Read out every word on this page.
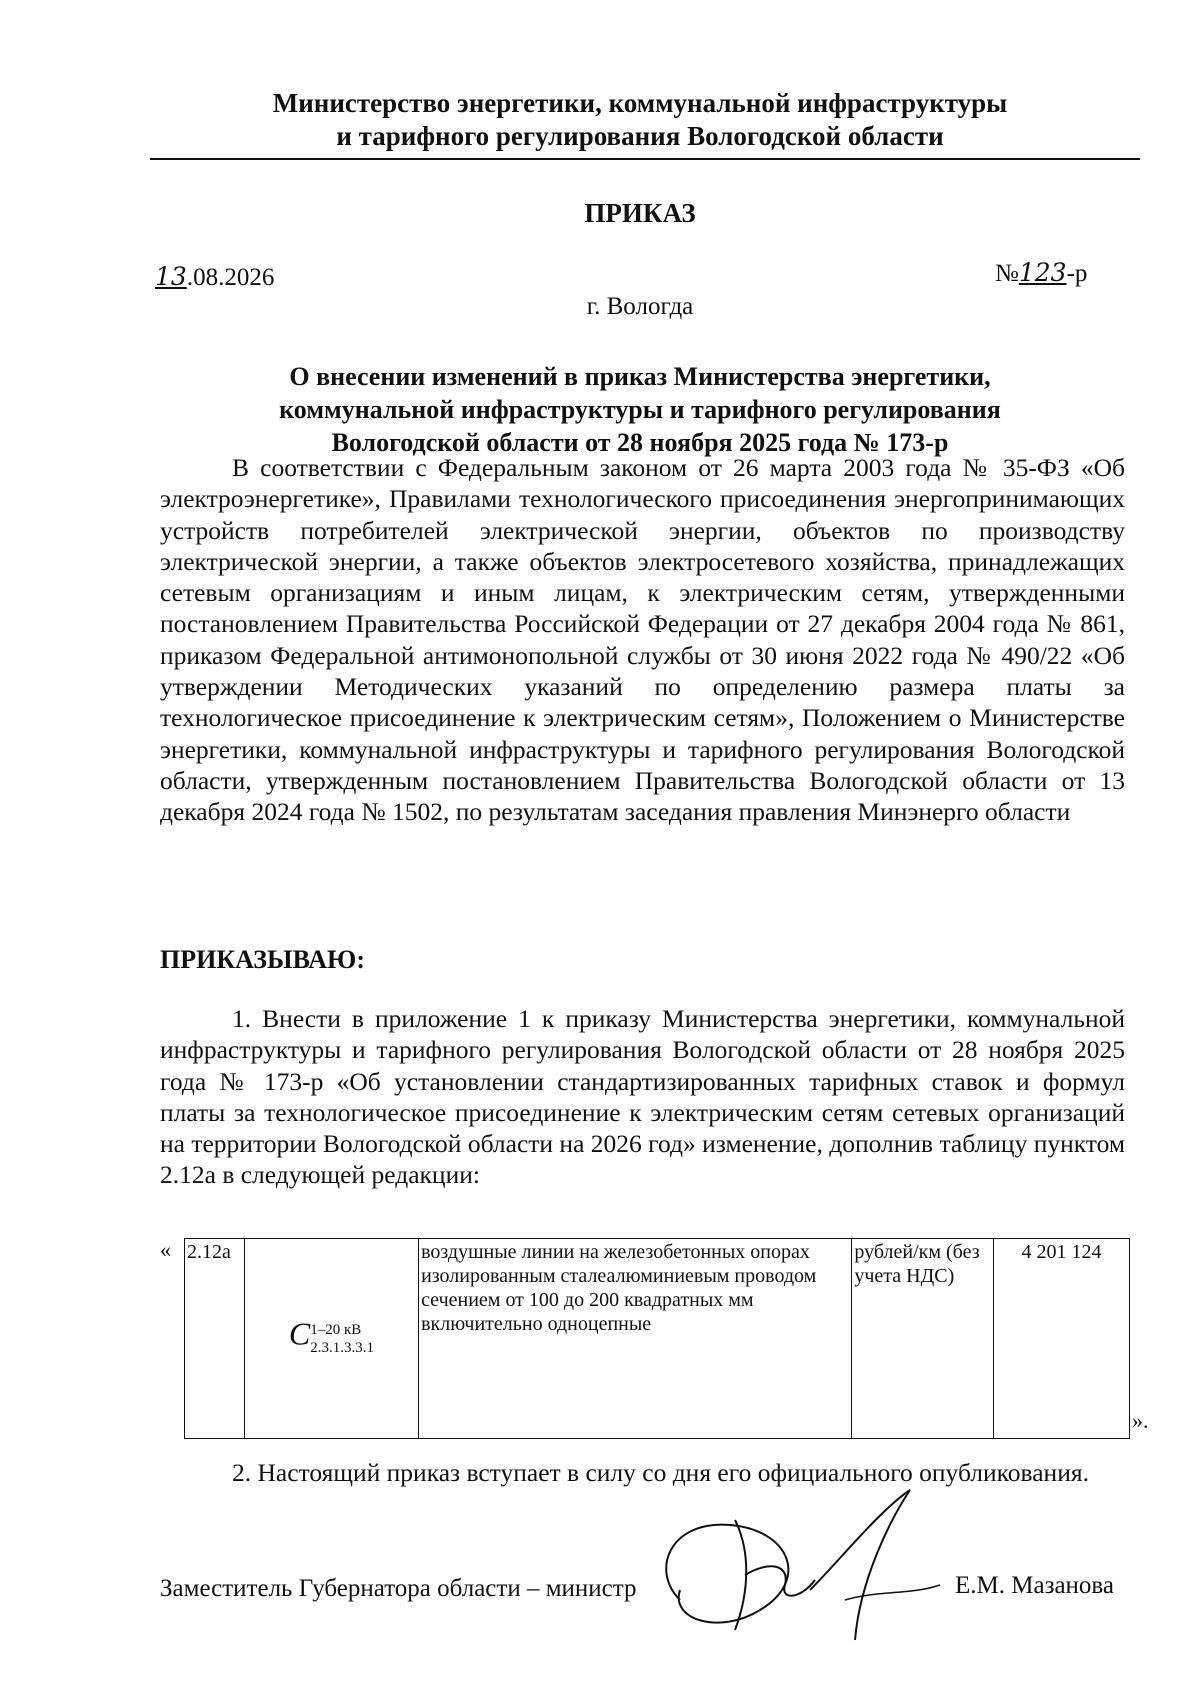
Министерство энергетики, коммунальной инфраструктуры
и тарифного регулирования Вологодской области
ПРИКАЗ
13.08.2026	№123-р
г. Вологда
О внесении изменений в приказ Министерства энергетики,
коммунальной инфраструктуры и тарифного регулирования
Вологодской области от 28 ноября 2025 года № 173-р

В соответствии с Федеральным законом от 26 марта 2003 года № 35-ФЗ «Об электроэнергетике», Правилами технологического присоединения энергопринимающих устройств потребителей электрической энергии, объектов по производству электрической энергии, а также объектов электросетевого хозяйства, принадлежащих сетевым организациям и иным лицам, к электрическим сетям, утвержденными постановлением Правительства Российской Федерации от 27 декабря 2004 года № 861, приказом Федеральной антимонопольной службы от 30 июня 2022 года № 490/22 «Об утверждении Методических указаний по определению размера платы за технологическое присоединение к электрическим сетям», Положением о Министерстве энергетики, коммунальной инфраструктуры и тарифного регулирования Вологодской области, утвержденным постановлением Правительства Вологодской области от 13 декабря 2024 года № 1502, по результатам заседания правления Минэнерго области

ПРИКАЗЫВАЮ:

1. Внести в приложение 1 к приказу Министерства энергетики, коммунальной инфраструктуры и тарифного регулирования Вологодской области от 28 ноября 2025 года № 173-р «Об установлении стандартизированных тарифных ставок и формул платы за технологическое присоединение к электрическим сетям сетевых организаций на территории Вологодской области на 2026 год» изменение, дополнив таблицу пунктом 2.12а в следующей редакции:

« 2.12а	C 1–20 кВ
2.3.1.3.3.1
	воздушные линии на железобетонных опорах изолированным сталеалюминиевым проводом сечением от 100 до 200 квадратных мм включительно одноцепные	рублей/км (без учета НДС)	4 201 124
».

2. Настоящий приказ вступает в силу со дня его официального опубликования.

Заместитель Губернатора области – министр	Е.М. Мазанова
